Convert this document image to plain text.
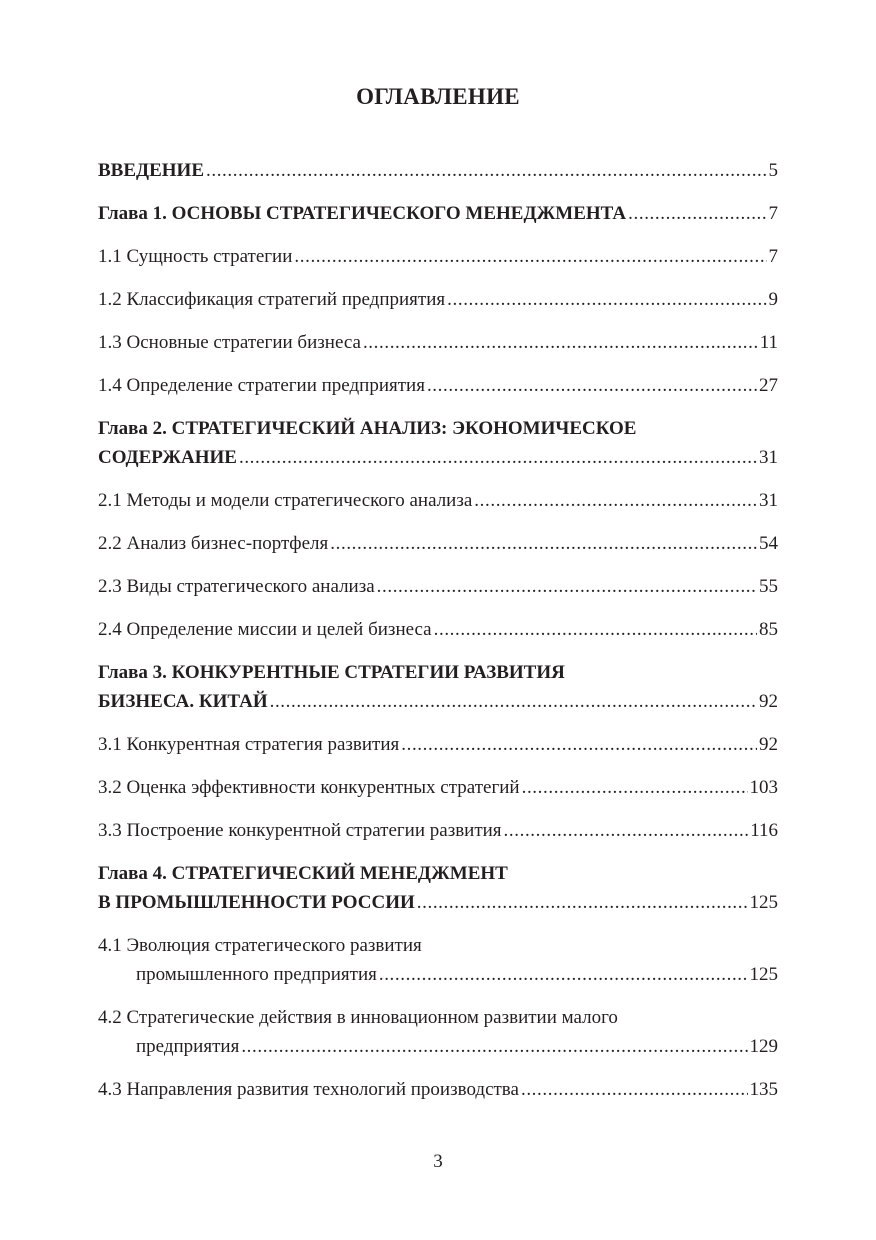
ОГЛАВЛЕНИЕ
ВВЕДЕНИЕ .....	5
Глава 1. ОСНОВЫ СТРАТЕГИЧЕСКОГО МЕНЕДЖМЕНТА .....	7
1.1 Сущность стратегии .....	7
1.2 Классификация стратегий предприятия .....	9
1.3 Основные стратегии бизнеса .....	11
1.4 Определение стратегии предприятия .....	27
Глава 2. СТРАТЕГИЧЕСКИЙ АНАЛИЗ: ЭКОНОМИЧЕСКОЕ
СОДЕРЖАНИЕ .....	31
2.1 Методы и модели стратегического анализа .....	31
2.2 Анализ бизнес-портфеля .....	54
2.3 Виды стратегического анализа .....	55
2.4 Определение миссии и целей бизнеса .....	85
Глава 3. КОНКУРЕНТНЫЕ СТРАТЕГИИ РАЗВИТИЯ
БИЗНЕСА. КИТАЙ .....	92
3.1 Конкурентная стратегия развития .....	92
3.2 Оценка эффективности конкурентных стратегий .....	103
3.3 Построение конкурентной стратегии развития .....	116
Глава 4. СТРАТЕГИЧЕСКИЙ МЕНЕДЖМЕНТ
В ПРОМЫШЛЕННОСТИ РОССИИ .....	125
4.1 Эволюция стратегического развития
промышленного предприятия .....	125
4.2 Стратегические действия в инновационном развитии малого
предприятия .....	129
4.3 Направления развития технологий производства .....	135
3
